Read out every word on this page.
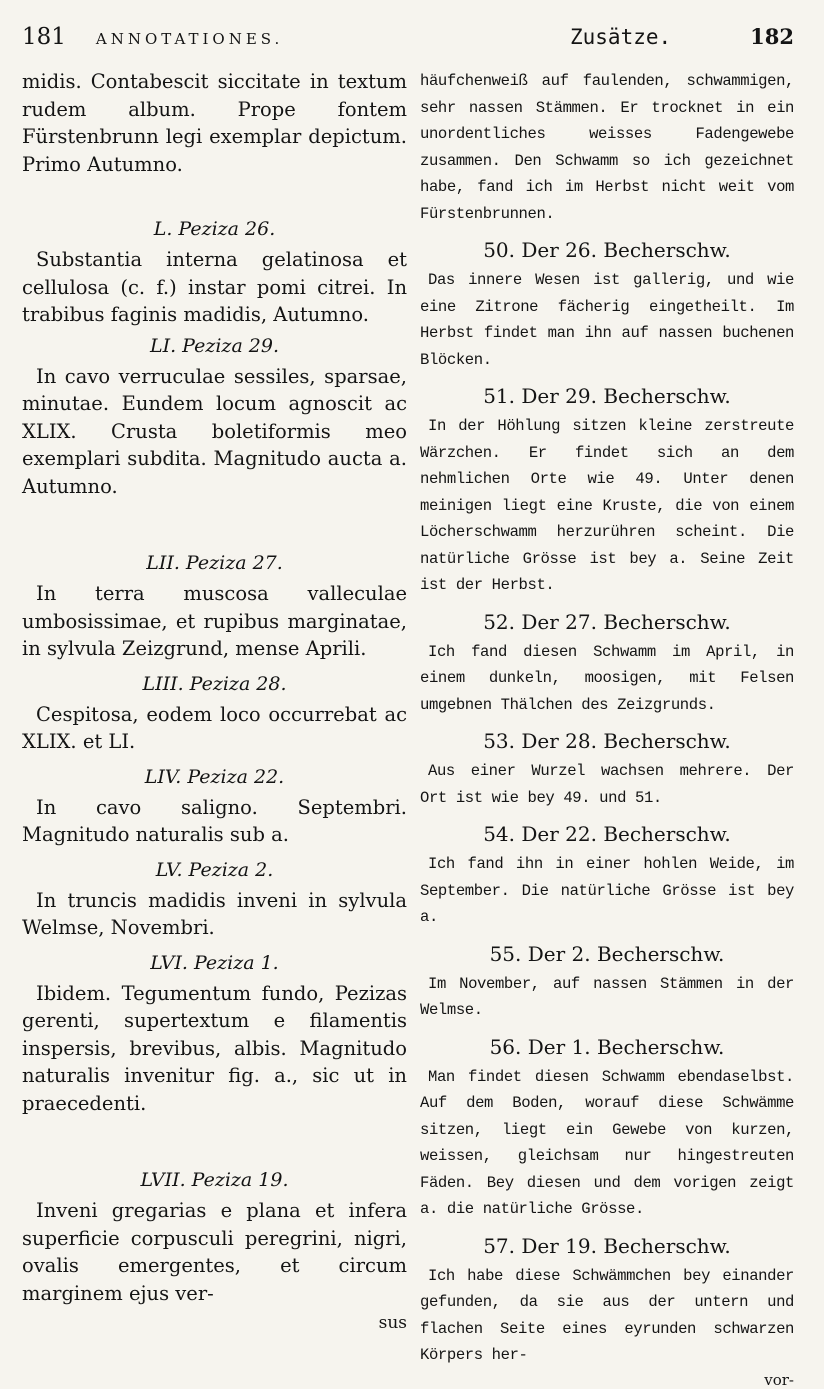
181 ANNOTATIONES.

midis. Contabescit siccitate in textum rudem album. Prope fontem Fürstenbrunn legi exemplar depictum. Primo Autumno.

L. Peziza 26.

Substantia interna gelatinosa et cellulosa (c. f.) instar pomi citrei. In trabibus faginis madidis, Autumno.

LI. Peziza 29.

In cavo verruculae sessiles, sparsae, minutae. Eundem locum agnoscit ac XLIX. Crusta boletiformis meo exemplari subdita. Magnitudo aucta a. Autumno.

LII. Peziza 27.

In terra muscosa valleculae umbosissimae, et rupibus marginatae, in sylvula Zeizgrund, mense Aprili.

LIII. Peziza 28.

Cespitosa, eodem loco occurrebat ac XLIX. et LI.

LIV. Peziza 22.

In cavo saligno. Septembri. Magnitudo naturalis sub a.

LV. Peziza 2.

In truncis madidis inveni in sylvula Welmse, Novembri.

LVI. Peziza 1.

Ibidem. Tegumentum fundo, Pezizas gerenti, supertextum e filamentis inspersis, brevibus, albis. Magnitudo naturalis invenitur fig. a., sic ut in praecedenti.

LVII. Peziza 19.

Inveni gregarias e plana et infera superficie corpusculi peregrini, nigri, ovalis emergentes, et circum marginem ejus ver-

sus
Zusätze.	182

häufchenweiß auf faulenden, schwammigen, sehr nassen Stämmen. Er trocknet in ein unordentliches weisses Fadengewebe zusammen. Den Schwamm so ich gezeichnet habe, fand ich im Herbst nicht weit vom Fürstenbrunnen.

50. Der 26. Becherschw.

Das innere Wesen ist gallerig, und wie eine Zitrone fächerig eingetheilt. Im Herbst findet man ihn auf nassen buchenen Blöcken.

51. Der 29. Becherschw.

In der Höhlung sitzen kleine zerstreute Wärzchen. Er findet sich an dem nehmlichen Orte wie 49. Unter denen meinigen liegt eine Kruste, die von einem Löcherschwamm herzurühren scheint. Die natürliche Grösse ist bey a. Seine Zeit ist der Herbst.

52. Der 27. Becherschw.

Ich fand diesen Schwamm im April, in einem dunkeln, moosigen, mit Felsen umgebnen Thälchen des Zeizgrunds.

53. Der 28. Becherschw.

Aus einer Wurzel wachsen mehrere. Der Ort ist wie bey 49. und 51.

54. Der 22. Becherschw.

Ich fand ihn in einer hohlen Weide, im September. Die natürliche Grösse ist bey a.

55. Der 2. Becherschw.

Im November, auf nassen Stämmen in der Welmse.

56. Der 1. Becherschw.

Man findet diesen Schwamm ebendaselbst. Auf dem Boden, worauf diese Schwämme sitzen, liegt ein Gewebe von kurzen, weissen, gleichsam nur hingestreuten Fäden. Bey diesen und dem vorigen zeigt a. die natürliche Grösse.

57. Der 19. Becherschw.

Ich habe diese Schwämmchen bey einander gefunden, da sie aus der untern und flachen Seite eines eyrunden schwarzen Körpers her-

vor-
